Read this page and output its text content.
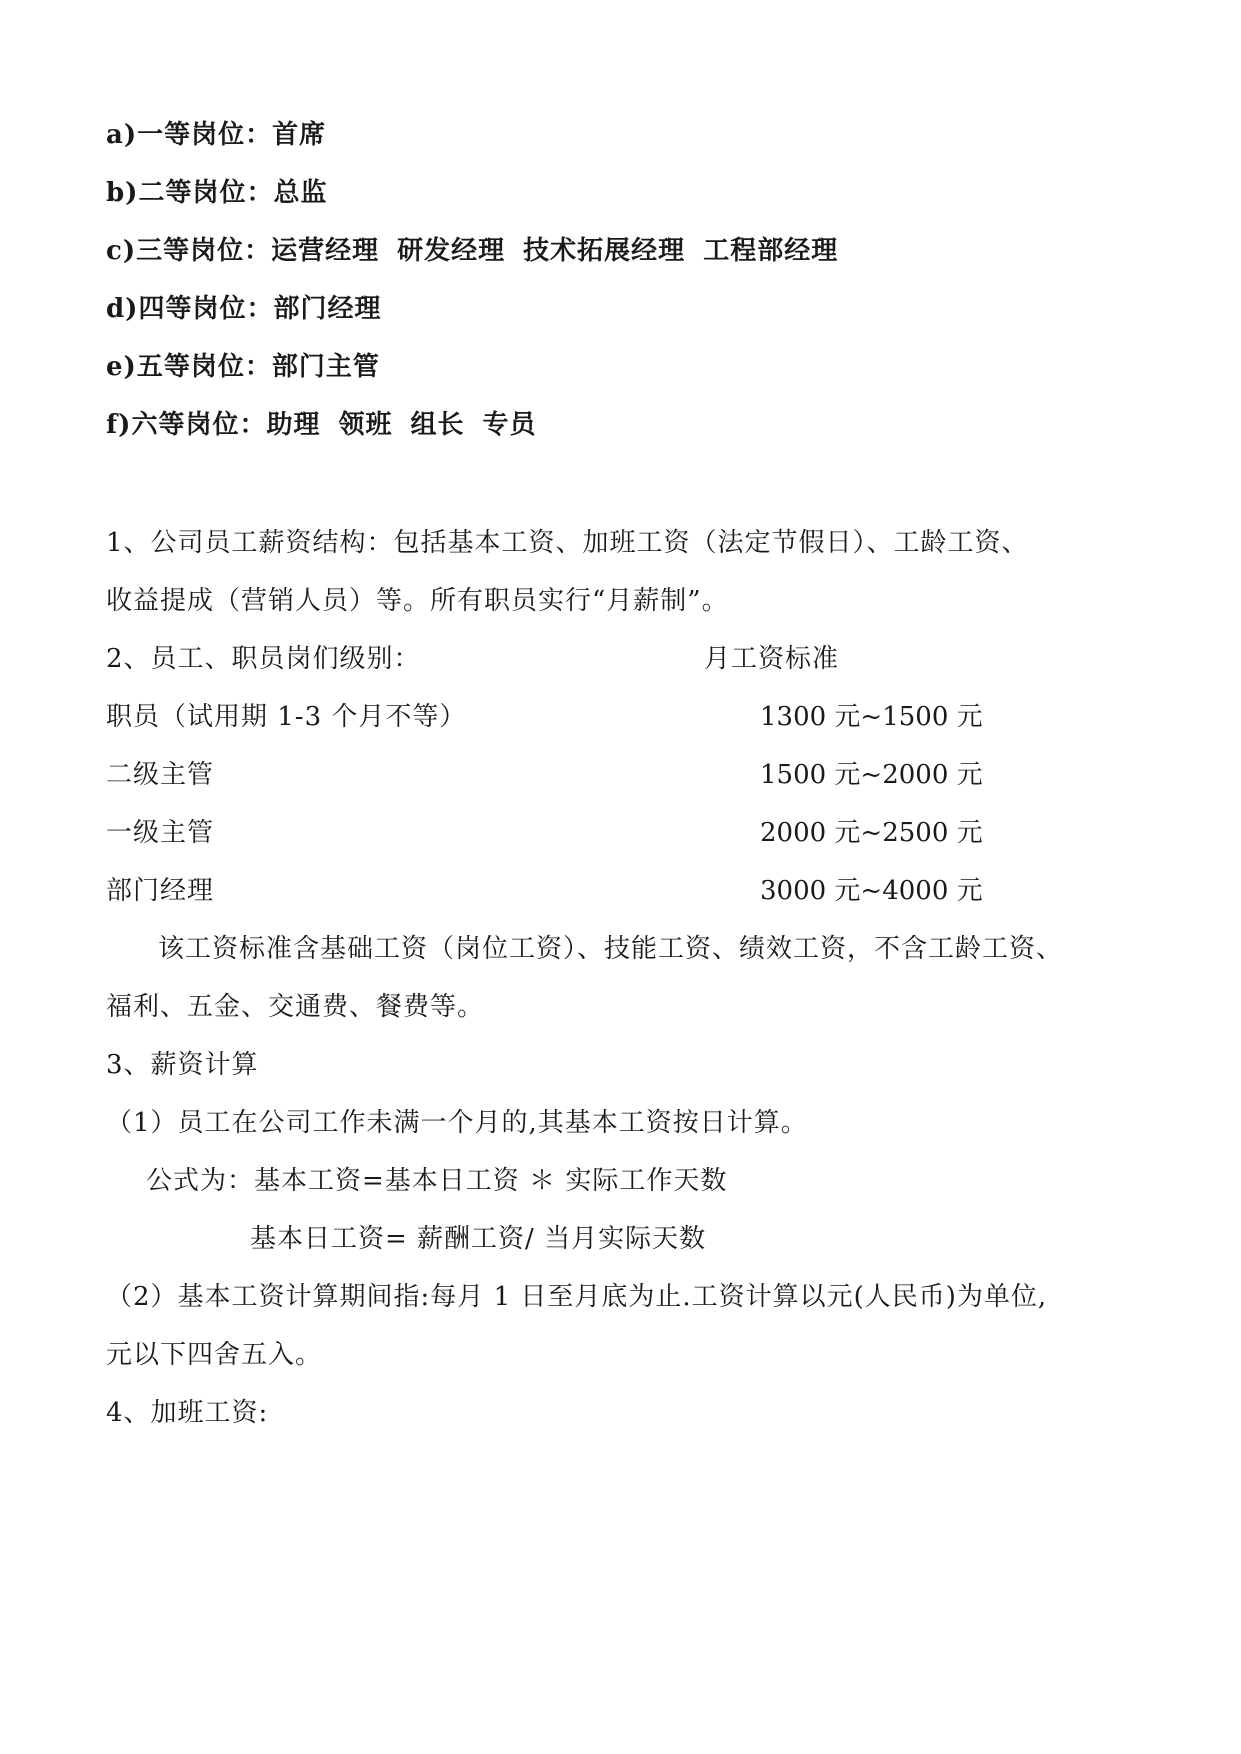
a)一等岗位：首席
b)二等岗位：总监
c)三等岗位：运营经理 研发经理 技术拓展经理 工程部经理
d)四等岗位：部门经理
e)五等岗位：部门主管
f)六等岗位：助理 领班 组长 专员
1、公司员工薪资结构：包括基本工资、加班工资（法定节假日）、工龄工资、
收益提成（营销人员）等。所有职员实行“月薪制”。
2、员工、职员岗们级别：	月工资标准
职员（试用期 1-3 个月不等）	1300 元~1500 元
二级主管	1500 元~2000 元
一级主管	2000 元~2500 元
部门经理	3000 元~4000 元
该工资标准含基础工资（岗位工资）、技能工资、绩效工资，不含工龄工资、
福利、五金、交通费、餐费等。
3、薪资计算
（1）员工在公司工作未满一个月的,其基本工资按日计算。
公式为：基本工资=基本日工资 ＊ 实际工作天数
基本日工资= 薪酬工资/ 当月实际天数
（2）基本工资计算期间指:每月 1 日至月底为止.工资计算以元(人民币)为单位,
元以下四舍五入。
4、加班工资:
